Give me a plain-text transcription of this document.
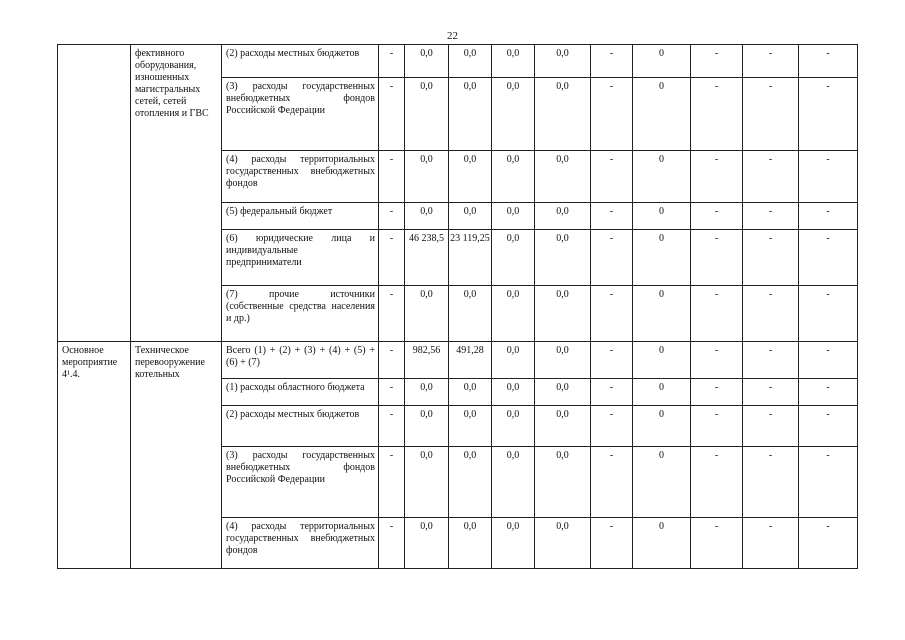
22
	фективного оборудования, изношенных магистральных сетей, сетей отопления и ГВС	(2) расходы местных бюджетов	-	0,0	0,0	0,0	0,0	-	0	-	-	-
		(3) расходы государственных внебюджетных фондов Российской Федерации	-	0,0	0,0	0,0	0,0	-	0	-	-	-
		(4) расходы территориальных государственных внебюджетных фондов	-	0,0	0,0	0,0	0,0	-	0	-	-	-
		(5) федеральный бюджет	-	0,0	0,0	0,0	0,0	-	0	-	-	-
		(6) юридические лица и индивидуальные предприниматели	-	46 238,5	23 119,25	0,0	0,0	-	0	-	-	-
		(7) прочие источники (собственные средства населения и др.)	-	0,0	0,0	0,0	0,0	-	0	-	-	-
Основное мероприятие 4¹.4.	Техническое перевооружение котельных	Всего (1) + (2) + (3) + (4) + (5) + (6) + (7)	-	982,56	491,28	0,0	0,0	-	0	-	-	-
		(1) расходы областного бюджета	-	0,0	0,0	0,0	0,0	-	0	-	-	-
		(2) расходы местных бюджетов	-	0,0	0,0	0,0	0,0	-	0	-	-	-
		(3) расходы государственных внебюджетных фондов Российской Федерации	-	0,0	0,0	0,0	0,0	-	0	-	-	-
		(4) расходы территориальных государственных внебюджетных фондов	-	0,0	0,0	0,0	0,0	-	0	-	-	-
